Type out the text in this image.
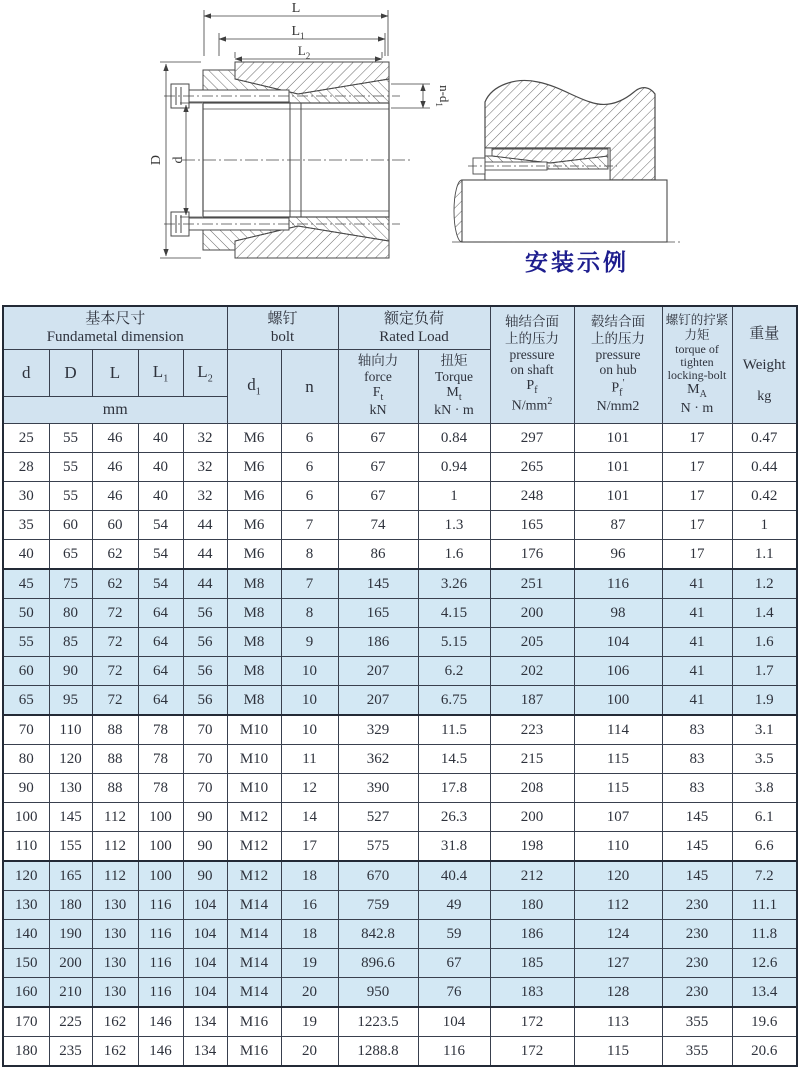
L
$L_1$
$L_2$
$n-d_1$
D d
安装示例
基本尺寸
Fundametal dimension

螺钉
bolt

额定负荷
Rated Load

轴结合面
上的压力
pressure
on shaft
$P_f$
$N/mm^2$

毂结合面
上的压力
pressure
on hub
$P_f'$
N/mm2

螺钉的拧紧
力矩
torque of
tighten
locking-bolt
$M_A$
N · m

重量
Weight
kg

d	D	L	$L_1$	$L_2$	$d_1$	n	
轴向力
force
$F_t$
kN

扭矩
Torque
$M_t$
kN · m

mm												
25	55	46	40	32	M6	6	67	0.84	297	101	17	0.47
28	55	46	40	32	M6	6	67	0.94	265	101	17	0.44
30	55	46	40	32	M6	6	67	1	248	101	17	0.42
35	60	60	54	44	M6	7	74	1.3	165	87	17	1
40	65	62	54	44	M6	8	86	1.6	176	96	17	1.1
45	75	62	54	44	M8	7	145	3.26	251	116	41	1.2
50	80	72	64	56	M8	8	165	4.15	200	98	41	1.4
55	85	72	64	56	M8	9	186	5.15	205	104	41	1.6
60	90	72	64	56	M8	10	207	6.2	202	106	41	1.7
65	95	72	64	56	M8	10	207	6.75	187	100	41	1.9
70	110	88	78	70	M10	10	329	11.5	223	114	83	3.1
80	120	88	78	70	M10	11	362	14.5	215	115	83	3.5
90	130	88	78	70	M10	12	390	17.8	208	115	83	3.8
100	145	112	100	90	M12	14	527	26.3	200	107	145	6.1
110	155	112	100	90	M12	17	575	31.8	198	110	145	6.6
120	165	112	100	90	M12	18	670	40.4	212	120	145	7.2
130	180	130	116	104	M14	16	759	49	180	112	230	11.1
140	190	130	116	104	M14	18	842.8	59	186	124	230	11.8
150	200	130	116	104	M14	19	896.6	67	185	127	230	12.6
160	210	130	116	104	M14	20	950	76	183	128	230	13.4
170	225	162	146	134	M16	19	1223.5	104	172	113	355	19.6
180	235	162	146	134	M16	20	1288.8	116	172	115	355	20.6
